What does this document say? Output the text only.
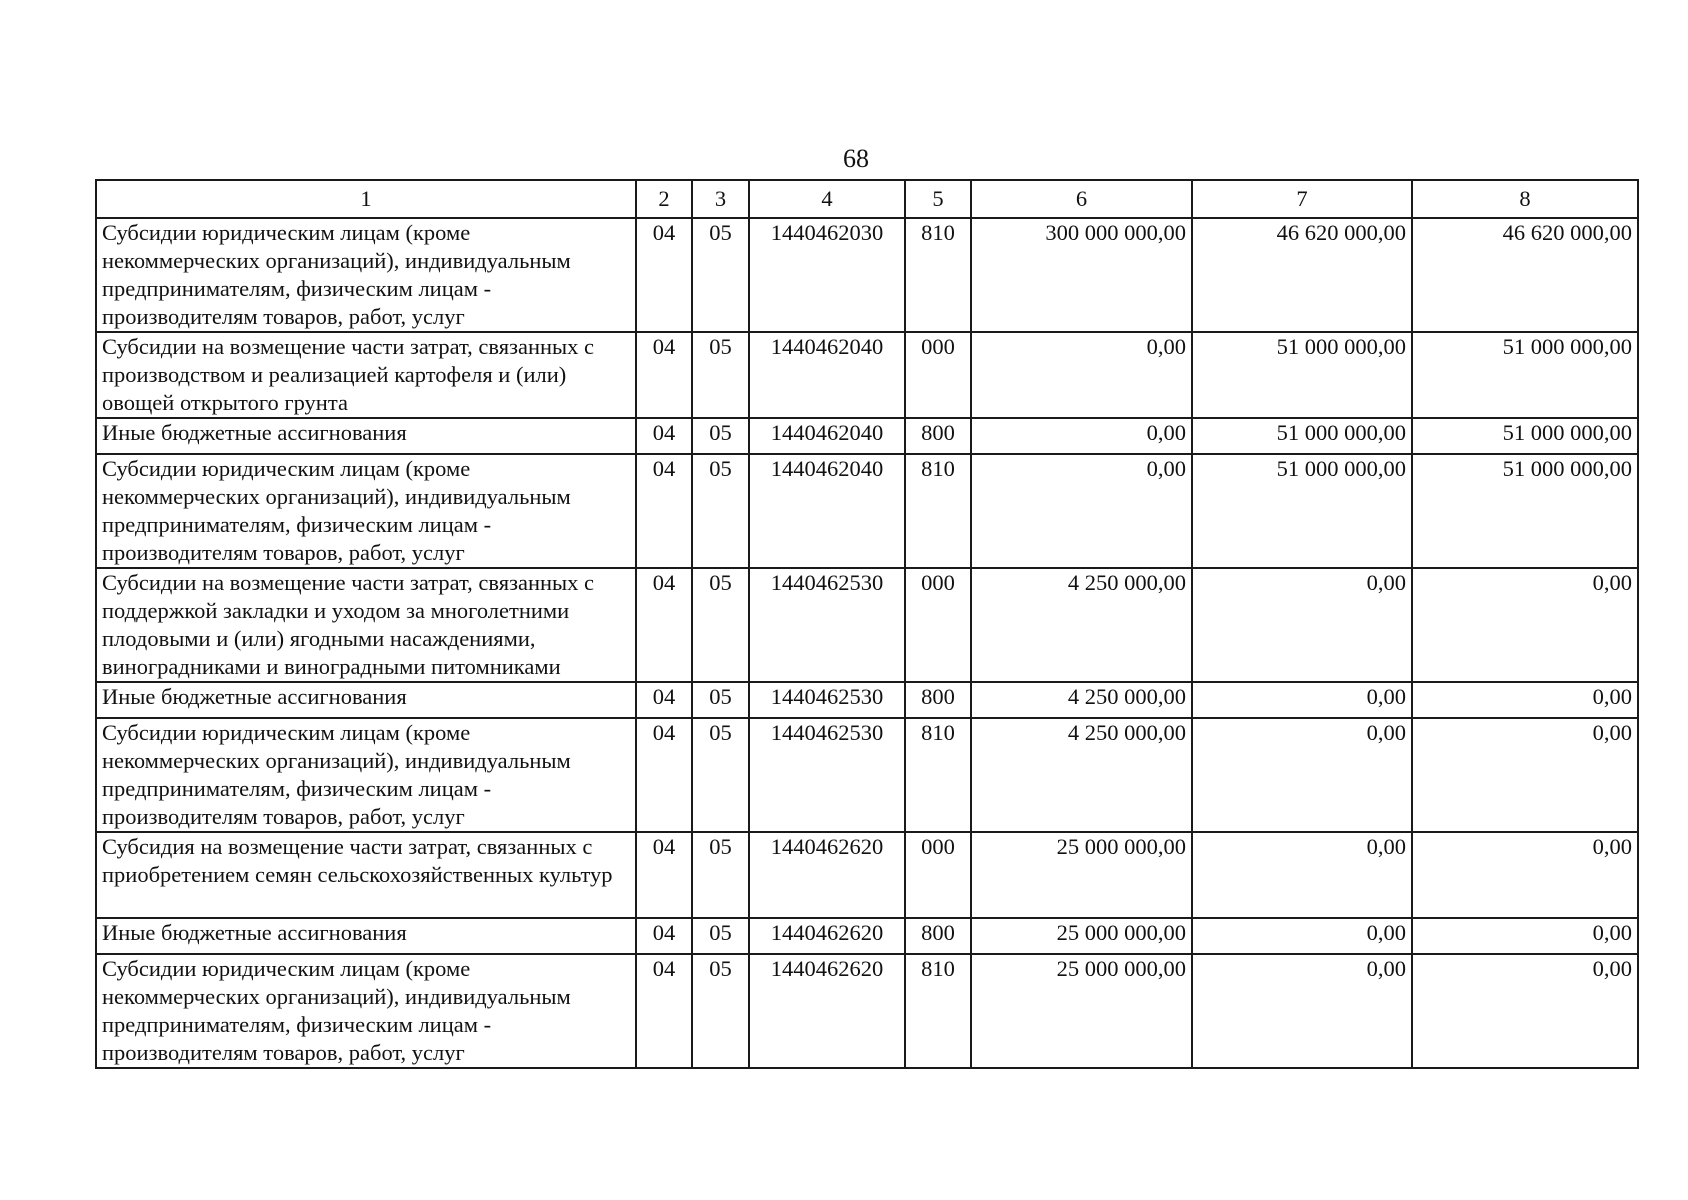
68
1	2	3	4	5	6	7	8
Субсидии юридическим лицам (кроме некоммерческих организаций), индивидуальным предпринимателям, физическим лицам - производителям товаров, работ, услуг	04	05	1440462030	810	300 000 000,00	46 620 000,00	46 620 000,00
Субсидии на возмещение части затрат, связанных с производством и реализацией картофеля и (или) овощей открытого грунта	04	05	1440462040	000	0,00	51 000 000,00	51 000 000,00
Иные бюджетные ассигнования	04	05	1440462040	800	0,00	51 000 000,00	51 000 000,00
Субсидии юридическим лицам (кроме некоммерческих организаций), индивидуальным предпринимателям, физическим лицам - производителям товаров, работ, услуг	04	05	1440462040	810	0,00	51 000 000,00	51 000 000,00
Субсидии на возмещение части затрат, связанных с поддержкой закладки и уходом за многолетними плодовыми и (или) ягодными насаждениями, виноградниками и виноградными питомниками	04	05	1440462530	000	4 250 000,00	0,00	0,00
Иные бюджетные ассигнования	04	05	1440462530	800	4 250 000,00	0,00	0,00
Субсидии юридическим лицам (кроме некоммерческих организаций), индивидуальным предпринимателям, физическим лицам - производителям товаров, работ, услуг	04	05	1440462530	810	4 250 000,00	0,00	0,00
Субсидия на возмещение части затрат, связанных с приобретением семян сельскохозяйственных культур	04	05	1440462620	000	25 000 000,00	0,00	0,00
Иные бюджетные ассигнования	04	05	1440462620	800	25 000 000,00	0,00	0,00
Субсидии юридическим лицам (кроме некоммерческих организаций), индивидуальным предпринимателям, физическим лицам - производителям товаров, работ, услуг	04	05	1440462620	810	25 000 000,00	0,00	0,00
